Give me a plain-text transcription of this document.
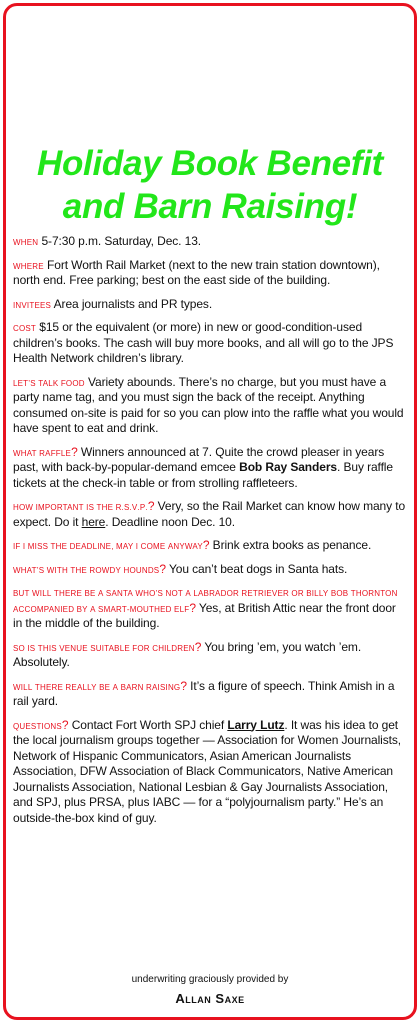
Holiday Book Benefit
and Barn Raising!

when 5-7:30 p.m. Saturday, Dec. 13.

where Fort Worth Rail Market (next to the new train station downtown), north end. Free parking; best on the east side of the building.

invitees Area journalists and PR types.

cost $15 or the equivalent (or more) in new or good-condition-used children’s books. The cash will buy more books, and all will go to the JPS Health Network children’s library.

let’s talk food Variety abounds. There’s no charge, but you must have a party name tag, and you must sign the back of the receipt. Anything consumed on-site is paid for so you can plow into the raffle what you would have spent to eat and drink.

what raffle? Winners announced at 7. Quite the crowd pleaser in years past, with back-by-popular-demand emcee Bob Ray Sanders. Buy raffle tickets at the check-in table or from strolling raffleteers.

how important is the r.s.v.p.? Very, so the Rail Market can know how many to expect. Do it here. Deadline noon Dec. 10.

if i miss the deadline, may i come anyway? Brink extra books as penance.

what’s with the rowdy hounds? You can’t beat dogs in Santa hats.

but will there be a santa who’s not a labrador retriever or billy bob thornton accompanied by a smart-mouthed elf? Yes, at British Attic near the front door in the middle of the building.

so is this venue suitable for children? You bring ’em, you watch ’em. Absolutely.

will there really be a barn raising? It’s a figure of speech. Think Amish in a rail yard.

questions? Contact Fort Worth SPJ chief Larry Lutz. It was his idea to get the local journalism groups together — Association for Women Journalists, Network of Hispanic Communicators, Asian American Journalists Association, DFW Association of Black Communicators, Native American Journalists Association, National Lesbian & Gay Journalists Association, and SPJ, plus PRSA, plus IABC — for a “polyjournalism party.” He’s an outside-the-box kind of guy.

underwriting graciously provided by
Allan Saxe
